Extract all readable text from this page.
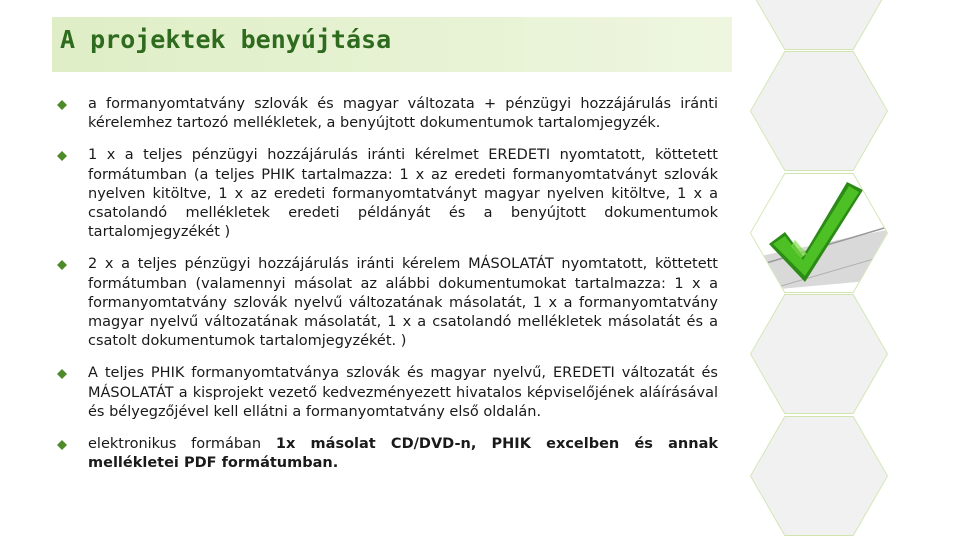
A projektek benyújtása
a formanyomtatvány szlovák és magyar változata + pénzügyi hozzájárulás iránti kérelemhez tartozó mellékletek, a benyújtott dokumentumok tartalomjegyzék.
1 x a teljes pénzügyi hozzájárulás iránti kérelmet EREDETI nyomtatott, köttetett formátumban (a teljes PHIK tartalmazza: 1 x az eredeti formanyomtatványt szlovák nyelven kitöltve, 1 x az eredeti formanyomtatványt magyar nyelven kitöltve, 1 x a csatolandó mellékletek eredeti példányát és a benyújtott dokumentumok tartalomjegyzékét )
2 x a teljes pénzügyi hozzájárulás iránti kérelem MÁSOLATÁT nyomtatott, köttetett formátumban (valamennyi másolat az alábbi dokumentumokat tartalmazza: 1 x a formanyomtatvány szlovák nyelvű változatának másolatát, 1 x a formanyomtatvány magyar nyelvű változatának másolatát, 1 x a csatolandó mellékletek másolatát és a csatolt dokumentumok tartalomjegyzékét. )
A teljes PHIK formanyomtatványa szlovák és magyar nyelvű, EREDETI változatát és MÁSOLATÁT a kisprojekt vezető kedvezményezett hivatalos képviselőjének aláírásával és bélyegzőjével kell ellátni a formanyomtatvány első oldalán.
elektronikus formában 1x másolat CD/DVD-n, PHIK excelben és annak mellékletei PDF formátumban.
